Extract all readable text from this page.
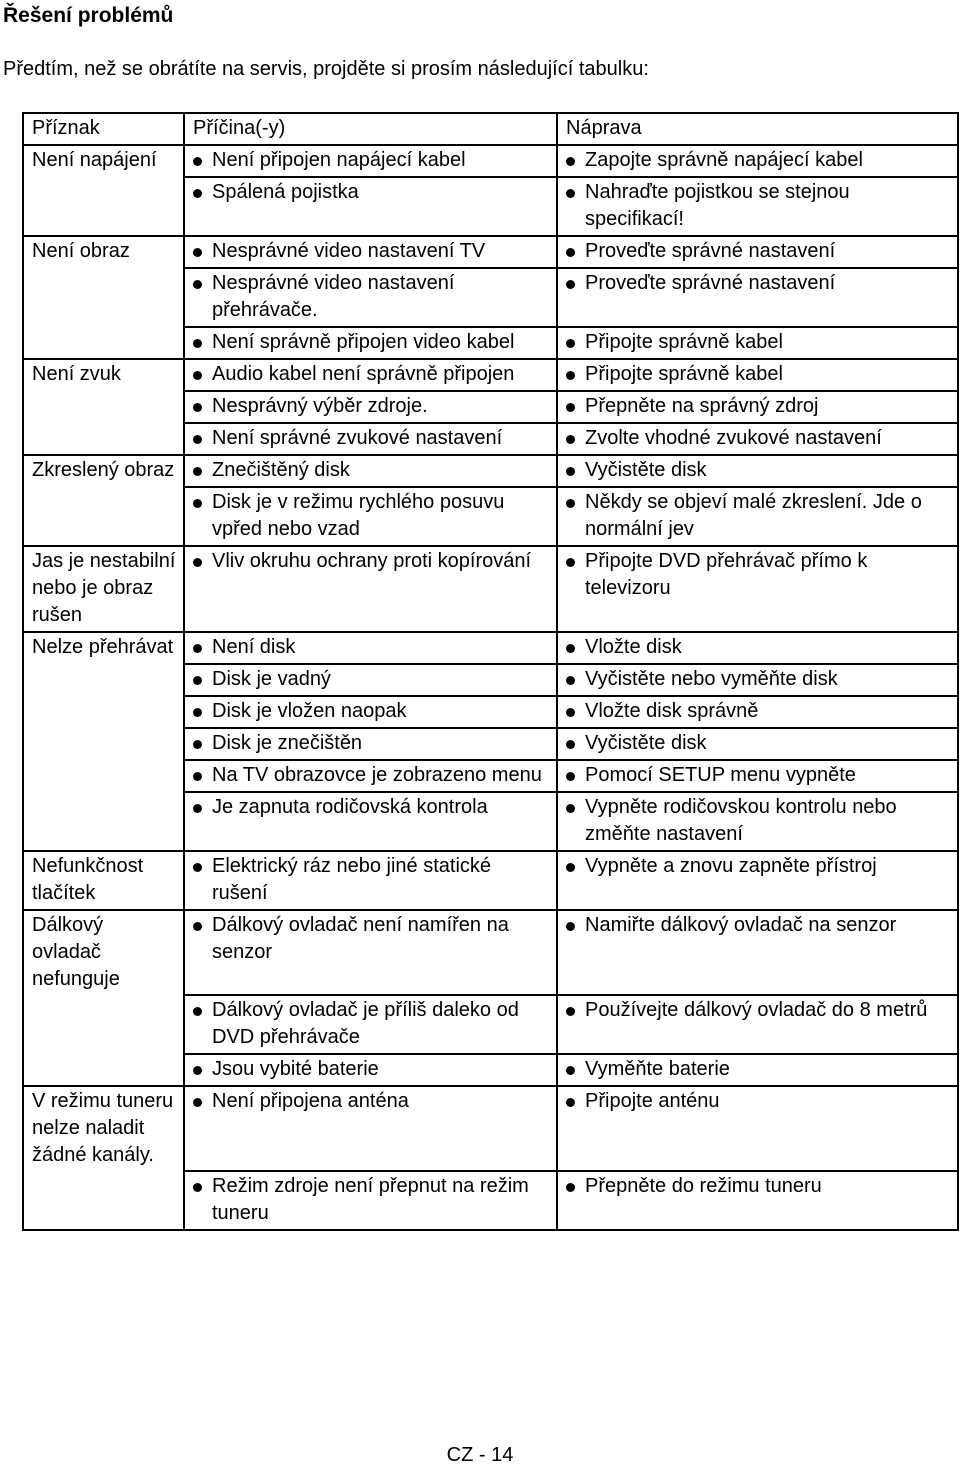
Řešení problémů
Předtím, než se obrátíte na servis, projděte si prosím následující tabulku:
Příznak	Příčina(-y)	Náprava
Není napájení	Není připojen napájecí kabel	Zapojte správně napájecí kabel

	Spálená pojistka	Nahraďte pojistkou se stejnou specifikací!

Není obraz	Nesprávné video nastavení TV	Proveďte správné nastavení

	Nesprávné video nastavení přehrávače.	Proveďte správné nastavení

	Není správně připojen video kabel	Připojte správně kabel

Není zvuk	Audio kabel není správně připojen	Připojte správně kabel

	Nesprávný výběr zdroje.	Přepněte na správný zdroj

	Není správné zvukové nastavení	Zvolte vhodné zvukové nastavení

Zkreslený obraz	Znečištěný disk	Vyčistěte disk

	Disk je v režimu rychlého posuvu vpřed nebo vzad	Někdy se objeví malé zkreslení. Jde o normální jev

Jas je nestabilní nebo je obraz rušen	Vliv okruhu ochrany proti kopírování	Připojte DVD přehrávač přímo k televizoru

Nelze přehrávat	Není disk	Vložte disk

	Disk je vadný	Vyčistěte nebo vyměňte disk

	Disk je vložen naopak	Vložte disk správně

	Disk je znečištěn	Vyčistěte disk

	Na TV obrazovce je zobrazeno menu	Pomocí SETUP menu vypněte

	Je zapnuta rodičovská kontrola	Vypněte rodičovskou kontrolu nebo změňte nastavení

Nefunkčnost tlačítek	Elektrický ráz nebo jiné statické rušení	Vypněte a znovu zapněte přístroj

Dálkový ovladač nefunguje	Dálkový ovladač není namířen na senzor	Namiřte dálkový ovladač na senzor

	Dálkový ovladač je příliš daleko od DVD přehrávače	Používejte dálkový ovladač do 8 metrů

	Jsou vybité baterie	Vyměňte baterie

V režimu tuneru nelze naladit žádné kanály.	Není připojena anténa	Připojte anténu

	Režim zdroje není přepnut na režim tuneru	Přepněte do režimu tuneru
CZ - 14
